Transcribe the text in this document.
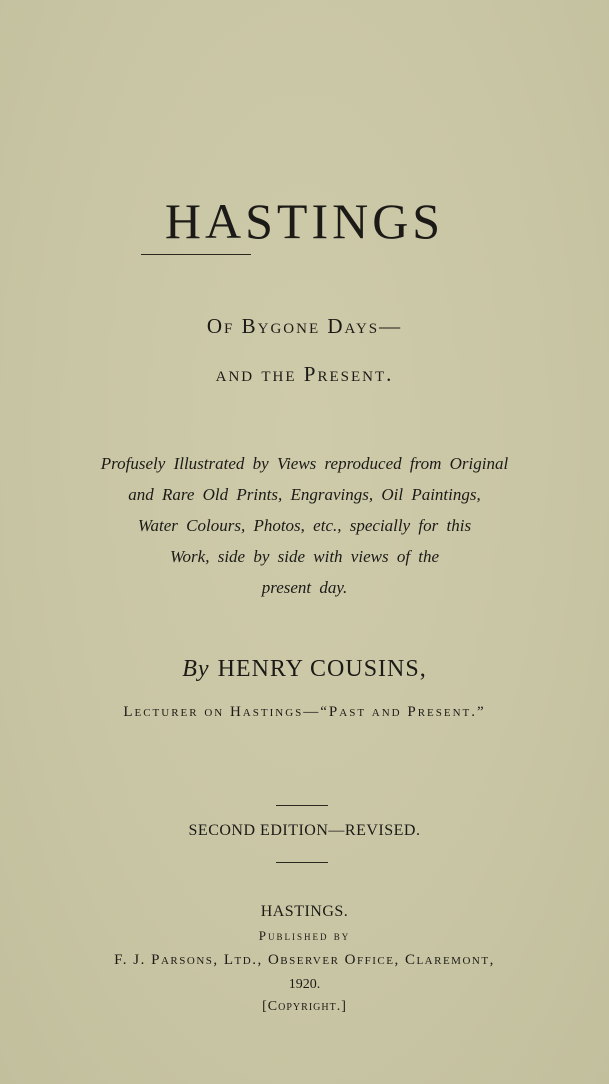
HASTINGS
Of Bygone Days—
and the Present.
Profusely Illustrated by Views reproduced from Original
and Rare Old Prints, Engravings, Oil Paintings,
Water Colours, Photos, etc., specially for this
Work, side by side with views of the
present day.
By HENRY COUSINS,
Lecturer on Hastings—“Past and Present.”
SECOND EDITION—REVISED.
HASTINGS.
Published by
F. J. Parsons, Ltd., Observer Office, Claremont,
1920.
[Copyright.]
